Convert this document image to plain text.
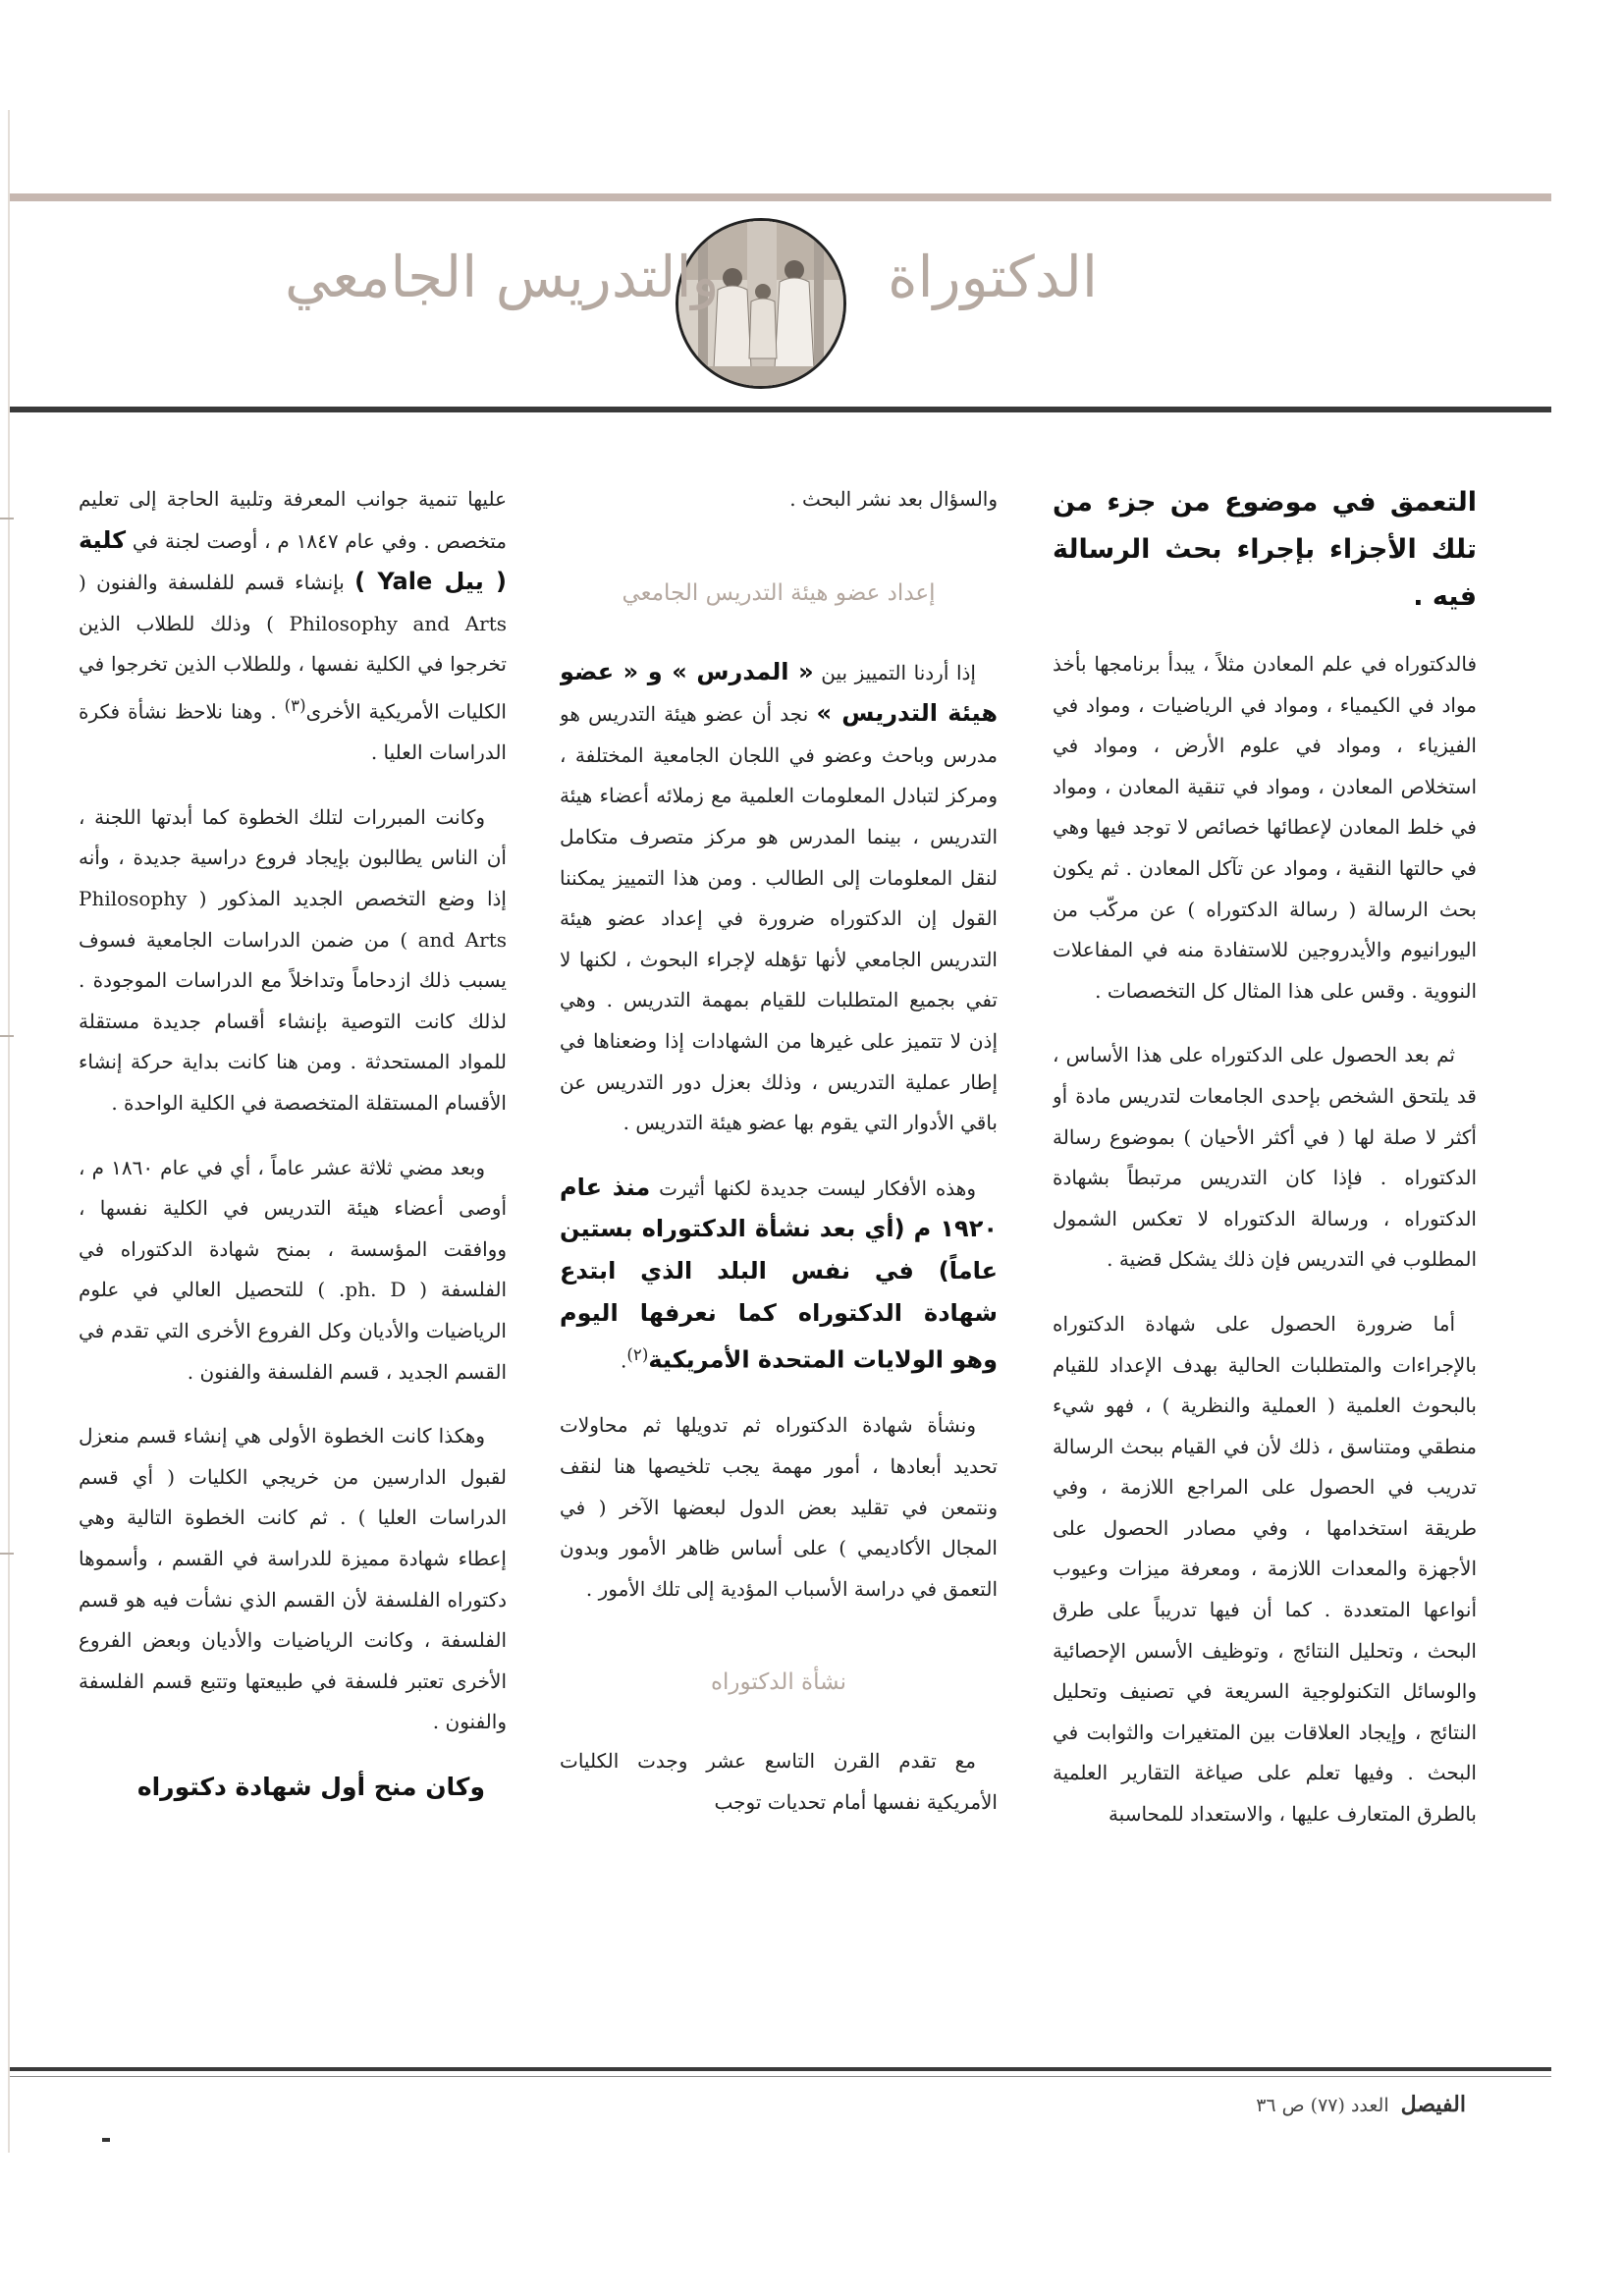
الدكتوراة
والتدريس الجامعي

التعمق في موضوع من جزء من تلك الأجزاء بإجراء بحث الرسالة فيه .

فالدكتوراه في علم المعادن مثلاً ، يبدأ برنامجها بأخذ مواد في الكيمياء ، ومواد في الرياضيات ، ومواد في الفيزياء ، ومواد في علوم الأرض ، ومواد في استخلاص المعادن ، ومواد في تنقية المعادن ، ومواد في خلط المعادن لإعطائها خصائص لا توجد فيها وهي في حالتها النقية ، ومواد عن تآكل المعادن . ثم يكون بحث الرسالة ( رسالة الدكتوراه ) عن مركّب من اليورانيوم والأيدروجين للاستفادة منه في المفاعلات النووية . وقس على هذا المثال كل التخصصات .

ثم بعد الحصول على الدكتوراه على هذا الأساس ، قد يلتحق الشخص بإحدى الجامعات لتدريس مادة أو أكثر لا صلة لها ( في أكثر الأحيان ) بموضوع رسالة الدكتوراه . فإذا كان التدريس مرتبطاً بشهادة الدكتوراه ، ورسالة الدكتوراه لا تعكس الشمول المطلوب في التدريس فإن ذلك يشكل قضية .

أما ضرورة الحصول على شهادة الدكتوراه بالإجراءات والمتطلبات الحالية بهدف الإعداد للقيام بالبحوث العلمية ( العملية والنظرية ) ، فهو شيء منطقي ومتناسق ، ذلك لأن في القيام ببحث الرسالة تدريب في الحصول على المراجع اللازمة ، وفي طريقة استخدامها ، وفي مصادر الحصول على الأجهزة والمعدات اللازمة ، ومعرفة ميزات وعيوب أنواعها المتعددة . كما أن فيها تدريباً على طرق البحث ، وتحليل النتائج ، وتوظيف الأسس الإحصائية والوسائل التكنولوجية السريعة في تصنيف وتحليل النتائج ، وإيجاد العلاقات بين المتغيرات والثوابت في البحث . وفيها تعلم على صياغة التقارير العلمية بالطرق المتعارف عليها ، والاستعداد للمحاسبة

والسؤال بعد نشر البحث .

إعداد عضو هيئة التدريس الجامعي

إذا أردنا التمييز بين « المدرس » و « عضو هيئة التدريس » نجد أن عضو هيئة التدريس هو مدرس وباحث وعضو في اللجان الجامعية المختلفة ، ومركز لتبادل المعلومات العلمية مع زملائه أعضاء هيئة التدريس ، بينما المدرس هو مركز متصرف متكامل لنقل المعلومات إلى الطالب . ومن هذا التمييز يمكننا القول إن الدكتوراه ضرورة في إعداد عضو هيئة التدريس الجامعي لأنها تؤهله لإجراء البحوث ، لكنها لا تفي بجميع المتطلبات للقيام بمهمة التدريس . وهي إذن لا تتميز على غيرها من الشهادات إذا وضعناها في إطار عملية التدريس ، وذلك بعزل دور التدريس عن باقي الأدوار التي يقوم بها عضو هيئة التدريس .

وهذه الأفكار ليست جديدة لكنها أثيرت منذ عام ١٩٢٠ م (أي بعد نشأة الدكتوراه بستين عاماً) في نفس البلد الذي ابتدع شهادة الدكتوراه كما نعرفها اليوم وهو الولايات المتحدة الأمريكية$^{(٢)}$.

ونشأة شهادة الدكتوراه ثم تدويلها ثم محاولات تحديد أبعادها ، أمور مهمة يجب تلخيصها هنا لنقف ونتمعن في تقليد بعض الدول لبعضها الآخر ( في المجال الأكاديمي ) على أساس ظاهر الأمور وبدون التعمق في دراسة الأسباب المؤدية إلى تلك الأمور .

نشأة الدكتوراه

مع تقدم القرن التاسع عشر وجدت الكليات الأمريكية نفسها أمام تحديات توجب

عليها تنمية جوانب المعرفة وتلبية الحاجة إلى تعليم متخصص . وفي عام ١٨٤٧ م ، أوصت لجنة في كلية ( ييل Yale ) بإنشاء قسم للفلسفة والفنون ( Philosophy and Arts ) وذلك للطلاب الذين تخرجوا في الكلية نفسها ، وللطلاب الذين تخرجوا في الكليات الأمريكية الأخرى$^{(٣)}$ . وهنا نلاحظ نشأة فكرة الدراسات العليا .

وكانت المبررات لتلك الخطوة كما أبدتها اللجنة ، أن الناس يطالبون بإيجاد فروع دراسية جديدة ، وأنه إذا وضع التخصص الجديد المذكور ( Philosophy and Arts ) من ضمن الدراسات الجامعية فسوف يسبب ذلك ازدحاماً وتداخلاً مع الدراسات الموجودة . لذلك كانت التوصية بإنشاء أقسام جديدة مستقلة للمواد المستحدثة . ومن هنا كانت بداية حركة إنشاء الأقسام المستقلة المتخصصة في الكلية الواحدة .

وبعد مضي ثلاثة عشر عاماً ، أي في عام ١٨٦٠ م ، أوصى أعضاء هيئة التدريس في الكلية نفسها ، ووافقت المؤسسة ، بمنح شهادة الدكتوراه في الفلسفة ( ph. D. ) للتحصيل العالي في علوم الرياضيات والأديان وكل الفروع الأخرى التي تقدم في القسم الجديد ، قسم الفلسفة والفنون .

وهكذا كانت الخطوة الأولى هي إنشاء قسم منعزل لقبول الدارسين من خريجي الكليات ( أي قسم الدراسات العليا ) . ثم كانت الخطوة التالية وهي إعطاء شهادة مميزة للدراسة في القسم ، وأسموها دكتوراه الفلسفة لأن القسم الذي نشأت فيه هو قسم الفلسفة ، وكانت الرياضيات والأديان وبعض الفروع الأخرى تعتبر فلسفة في طبيعتها وتتبع قسم الفلسفة والفنون .

وكان منح أول شهادة دكتوراه

الفيصل العدد (٧٧) ص ٣٦
